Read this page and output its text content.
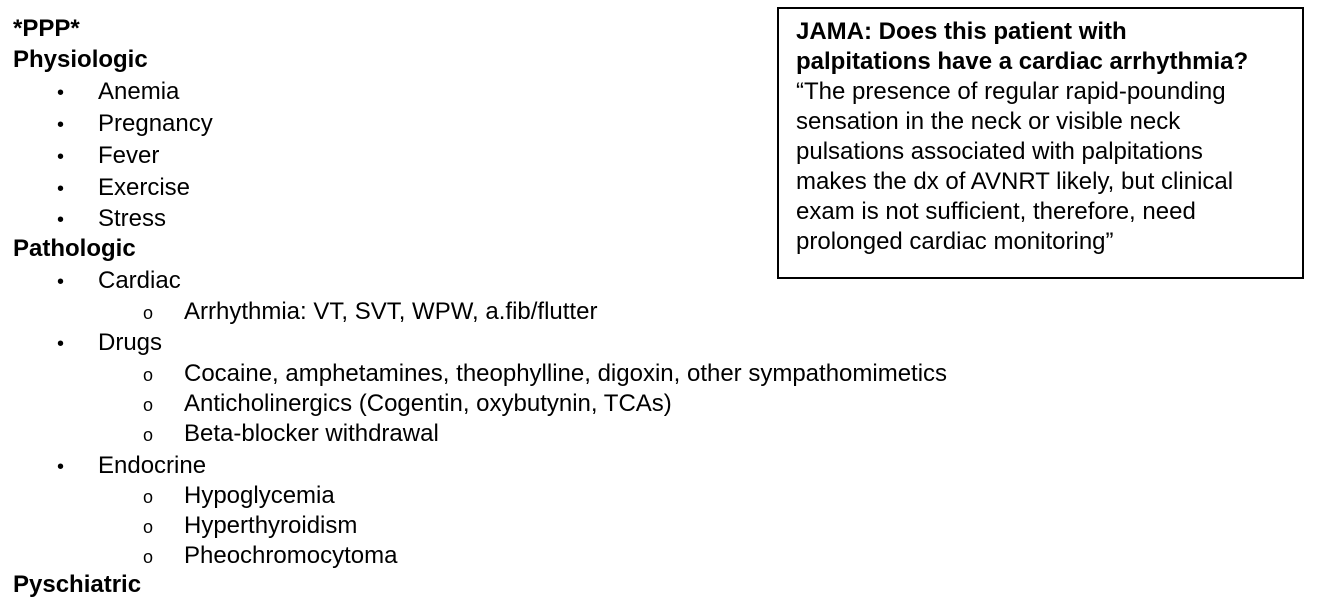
*PPP*
Physiologic
• Anemia
• Pregnancy
• Fever
• Exercise
• Stress
Pathologic
• Cardiac
o Arrhythmia: VT, SVT, WPW, a.fib/flutter
• Drugs
o Cocaine, amphetamines, theophylline, digoxin, other sympathomimetics
o Anticholinergics (Cogentin, oxybutynin, TCAs)
o Beta-blocker withdrawal
• Endocrine
o Hypoglycemia
o Hyperthyroidism
o Pheochromocytoma
Pyschiatric
JAMA: Does this patient with
palpitations have a cardiac arrhythmia?
“The presence of regular rapid-pounding
sensation in the neck or visible neck
pulsations associated with palpitations
makes the dx of AVNRT likely, but clinical
exam is not sufficient, therefore, need
prolonged cardiac monitoring”
